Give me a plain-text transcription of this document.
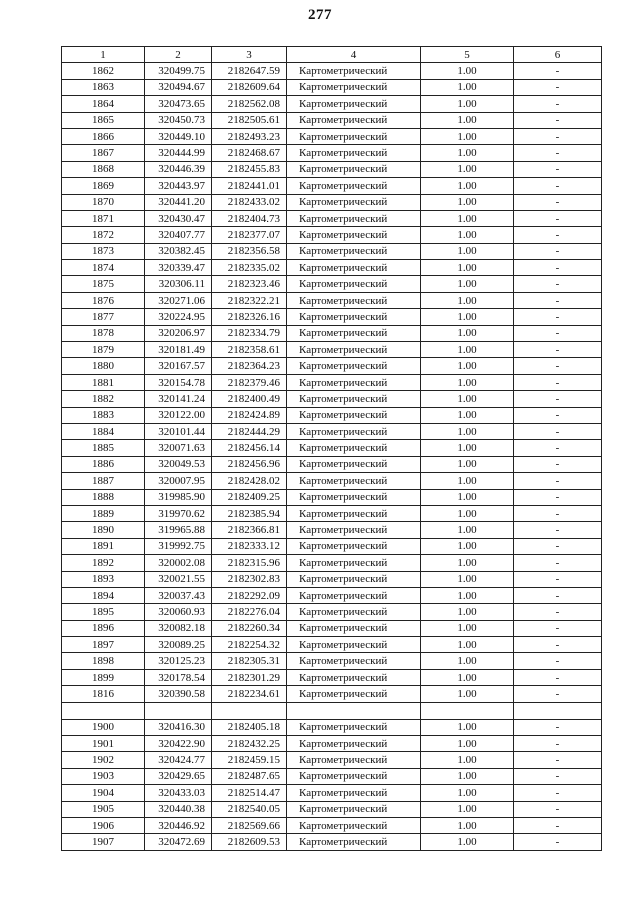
277
1	2	3	4	5	6
1862	320499.75	2182647.59	Картометрический	1.00	-
1863	320494.67	2182609.64	Картометрический	1.00	-
1864	320473.65	2182562.08	Картометрический	1.00	-
1865	320450.73	2182505.61	Картометрический	1.00	-
1866	320449.10	2182493.23	Картометрический	1.00	-
1867	320444.99	2182468.67	Картометрический	1.00	-
1868	320446.39	2182455.83	Картометрический	1.00	-
1869	320443.97	2182441.01	Картометрический	1.00	-
1870	320441.20	2182433.02	Картометрический	1.00	-
1871	320430.47	2182404.73	Картометрический	1.00	-
1872	320407.77	2182377.07	Картометрический	1.00	-
1873	320382.45	2182356.58	Картометрический	1.00	-
1874	320339.47	2182335.02	Картометрический	1.00	-
1875	320306.11	2182323.46	Картометрический	1.00	-
1876	320271.06	2182322.21	Картометрический	1.00	-
1877	320224.95	2182326.16	Картометрический	1.00	-
1878	320206.97	2182334.79	Картометрический	1.00	-
1879	320181.49	2182358.61	Картометрический	1.00	-
1880	320167.57	2182364.23	Картометрический	1.00	-
1881	320154.78	2182379.46	Картометрический	1.00	-
1882	320141.24	2182400.49	Картометрический	1.00	-
1883	320122.00	2182424.89	Картометрический	1.00	-
1884	320101.44	2182444.29	Картометрический	1.00	-
1885	320071.63	2182456.14	Картометрический	1.00	-
1886	320049.53	2182456.96	Картометрический	1.00	-
1887	320007.95	2182428.02	Картометрический	1.00	-
1888	319985.90	2182409.25	Картометрический	1.00	-
1889	319970.62	2182385.94	Картометрический	1.00	-
1890	319965.88	2182366.81	Картометрический	1.00	-
1891	319992.75	2182333.12	Картометрический	1.00	-
1892	320002.08	2182315.96	Картометрический	1.00	-
1893	320021.55	2182302.83	Картометрический	1.00	-
1894	320037.43	2182292.09	Картометрический	1.00	-
1895	320060.93	2182276.04	Картометрический	1.00	-
1896	320082.18	2182260.34	Картометрический	1.00	-
1897	320089.25	2182254.32	Картометрический	1.00	-
1898	320125.23	2182305.31	Картометрический	1.00	-
1899	320178.54	2182301.29	Картометрический	1.00	-
1816	320390.58	2182234.61	Картометрический	1.00	-

1900	320416.30	2182405.18	Картометрический	1.00	-
1901	320422.90	2182432.25	Картометрический	1.00	-
1902	320424.77	2182459.15	Картометрический	1.00	-
1903	320429.65	2182487.65	Картометрический	1.00	-
1904	320433.03	2182514.47	Картометрический	1.00	-
1905	320440.38	2182540.05	Картометрический	1.00	-
1906	320446.92	2182569.66	Картометрический	1.00	-
1907	320472.69	2182609.53	Картометрический	1.00	-
